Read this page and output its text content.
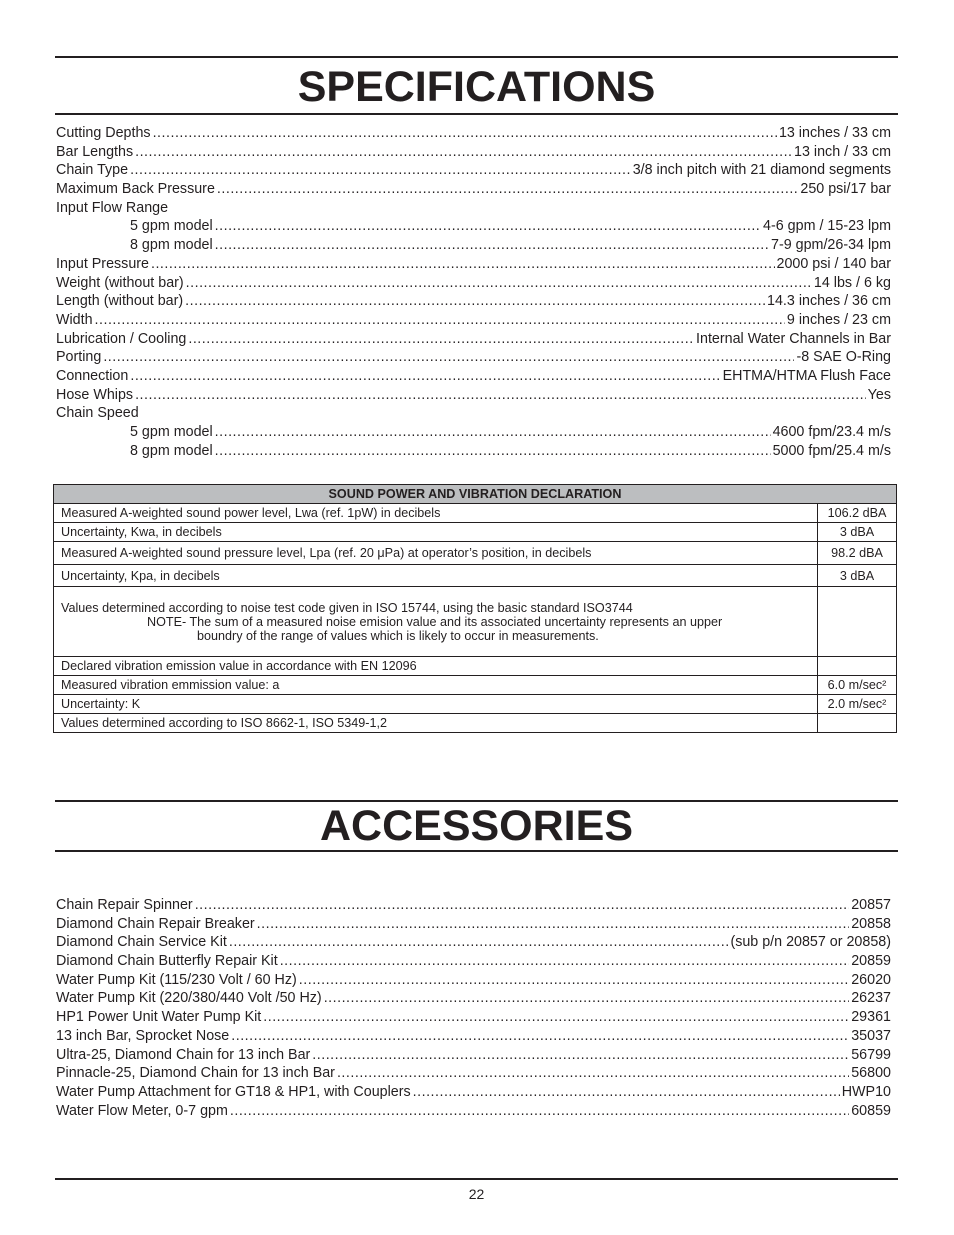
SPECIFICATIONS
Cutting Depths .....	13 inches / 33 cm
Bar Lengths .....	13 inch / 33 cm
Chain Type .....	3/8 inch pitch with 21 diamond segments
Maximum Back Pressure .....	250 psi/17 bar
Input Flow Range
5 gpm model .....	4-6 gpm / 15-23 lpm
8 gpm model .....	7-9 gpm/26-34 lpm
Input Pressure .....	2000 psi / 140 bar
Weight (without bar) .....	14 lbs / 6 kg
Length (without bar) .....	14.3 inches / 36 cm
Width .....	9 inches / 23 cm
Lubrication / Cooling .....	Internal Water Channels in Bar
Porting .....	-8 SAE O-Ring
Connection .....	EHTMA/HTMA Flush Face
Hose Whips .....	Yes
Chain Speed
5 gpm model .....	4600 fpm/23.4 m/s
8 gpm model .....	5000 fpm/25.4 m/s
SOUND POWER AND VIBRATION DECLARATION	
Measured A-weighted sound power level, Lwa (ref. 1pW) in decibels	106.2 dBA
Uncertainty, Kwa, in decibels	3 dBA
Measured A-weighted sound pressure level, Lpa (ref. 20 μPa) at operator’s position, in decibels	98.2 dBA
Uncertainty, Kpa, in decibels	3 dBA

Values determined according to noise test code given in ISO 15744, using the basic standard ISO3744
NOTE- The sum of a measured noise emision value and its associated uncertainty represents an upper
boundry of the range of values which is likely to occur in measurements.	

Declared vibration emission value in accordance with EN 12096	
Measured vibration emmission value: a	6.0 m/sec²
Uncertainty: K	2.0 m/sec²
Values determined according to ISO 8662-1, ISO 5349-1,2	
ACCESSORIES
Chain Repair Spinner .....	20857
Diamond Chain Repair Breaker .....	20858
Diamond Chain Service Kit .....	(sub p/n 20857 or 20858)
Diamond Chain Butterfly Repair Kit .....	20859
Water Pump Kit (115/230 Volt / 60 Hz) .....	26020
Water Pump Kit (220/380/440 Volt /50 Hz) .....	26237
HP1 Power Unit Water Pump Kit .....	29361
13 inch Bar, Sprocket Nose .....	35037
Ultra-25, Diamond Chain for 13 inch Bar .....	56799
Pinnacle-25, Diamond Chain for 13 inch Bar .....	56800
Water Pump Attachment for GT18 & HP1, with Couplers .....	HWP10
Water Flow Meter, 0-7 gpm .....	60859
22
